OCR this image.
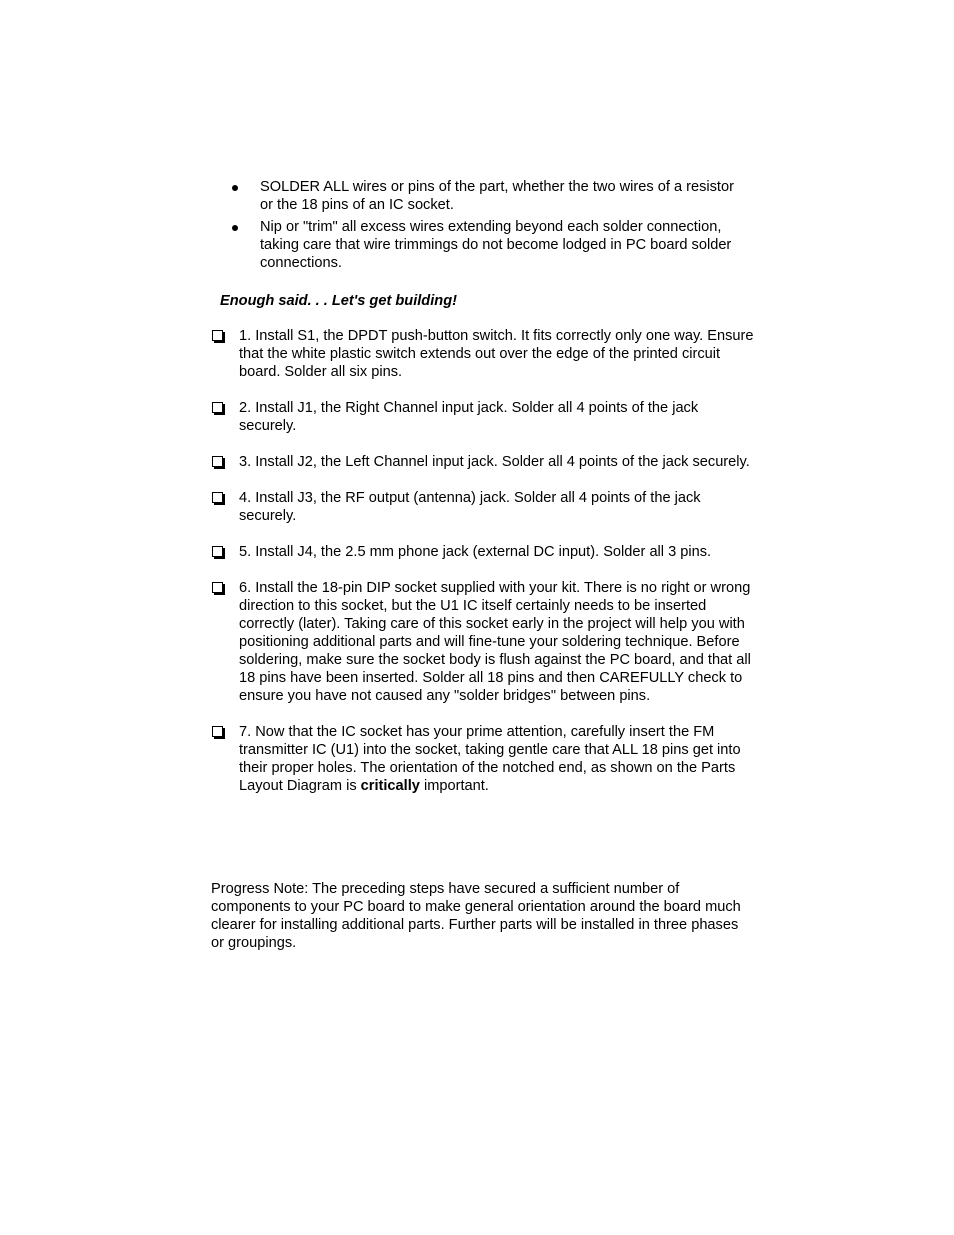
SOLDER ALL wires or pins of the part, whether the two wires of a resistor or the 18 pins of an IC socket.
Nip or "trim" all excess wires extending beyond each solder connection, taking care that wire trimmings do not become lodged in PC board solder connections.
Enough said. . . Let's get building!
1. Install S1, the DPDT push-button switch. It fits correctly only one way. Ensure that the white plastic switch extends out over the edge of the printed circuit board. Solder all six pins.
2. Install J1, the Right Channel input jack. Solder all 4 points of the jack securely.
3. Install J2, the Left Channel input jack. Solder all 4 points of the jack securely.
4. Install J3, the RF output (antenna) jack. Solder all 4 points of the jack securely.
5. Install J4, the 2.5 mm phone jack (external DC input). Solder all 3 pins.
6. Install the 18-pin DIP socket supplied with your kit. There is no right or wrong direction to this socket, but the U1 IC itself certainly needs to be inserted correctly (later). Taking care of this socket early in the project will help you with positioning additional parts and will fine-tune your soldering technique. Before soldering, make sure the socket body is flush against the PC board, and that all 18 pins have been inserted. Solder all 18 pins and then CAREFULLY check to ensure you have not caused any "solder bridges" between pins.
7. Now that the IC socket has your prime attention, carefully insert the FM transmitter IC (U1) into the socket, taking gentle care that ALL 18 pins get into their proper holes. The orientation of the notched end, as shown on the Parts Layout Diagram is critically important.
Progress Note: The preceding steps have secured a sufficient number of components to your PC board to make general orientation around the board much clearer for installing additional parts. Further parts will be installed in three phases or groupings.
